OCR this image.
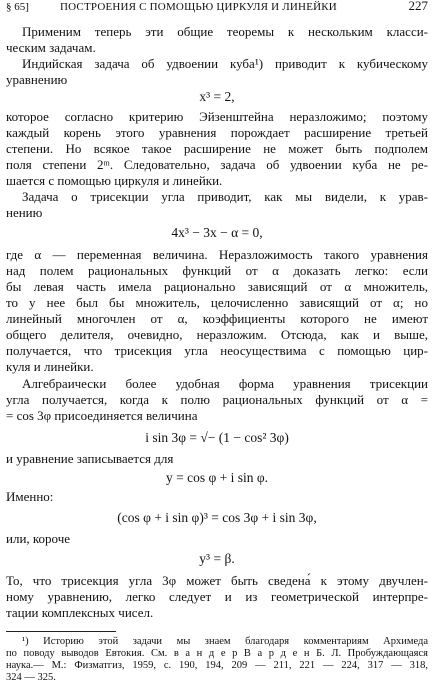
§ 65]	ПОСТРОЕНИЯ С ПОМОЩЬЮ ЦИРКУЛЯ И ЛИНЕЙКИ	227
Применим теперь эти общие теоремы к нескольким класси-
ческим задачам.
Индийская задача об удвоении куба¹) приводит к кубическому
уравнению
x³ = 2,
которое согласно критерию Эйзенштейна неразложимо; поэтому
каждый корень этого уравнения порождает расширение третьей
степени. Но всякое такое расширение не может быть подполем
поля степени 2ᵐ. Следовательно, задача об удвоении куба не ре-
шается с помощью циркуля и линейки.
Задача о трисекции угла приводит, как мы видели, к урав-
нению
4x³ − 3x − α = 0,
где α — переменная величина. Неразложимость такого уравнения
над полем рациональных функций от α доказать легко: если
бы левая часть имела рационально зависящий от α множитель,
то у нее был бы множитель, целочисленно зависящий от α; но
линейный многочлен от α, коэффициенты которого не имеют
общего делителя, очевидно, неразложим. Отсюда, как и выше,
получается, что трисекция угла неосуществима с помощью цир-
куля и линейки.
Алгебраически более удобная форма уравнения трисекции
угла получается, когда к полю рациональных функций от α =
= cos 3φ присоединяется величина
i sin 3φ = √− (1 − cos² 3φ)
и уравнение записывается для
y = cos φ + i sin φ.
Именно:
(cos φ + i sin φ)³ = cos 3φ + i sin 3φ,
или, короче
y³ = β.
То, что трисекция угла 3φ может быть сведена́ к этому двучлен-
ному уравнению, легко следует и из геометрической интерпре-
тации комплексных чисел.
¹) Историю этой задачи мы знаем благодаря комментариям Архимеда
по поводу выводов Евтокия. См. в а н д е р В а р д е н Б. Л. Пробуждающаяся
наука.— М.: Физматгиз, 1959, с. 190, 194, 209 — 211, 221 — 224, 317 — 318,
324 — 325.
